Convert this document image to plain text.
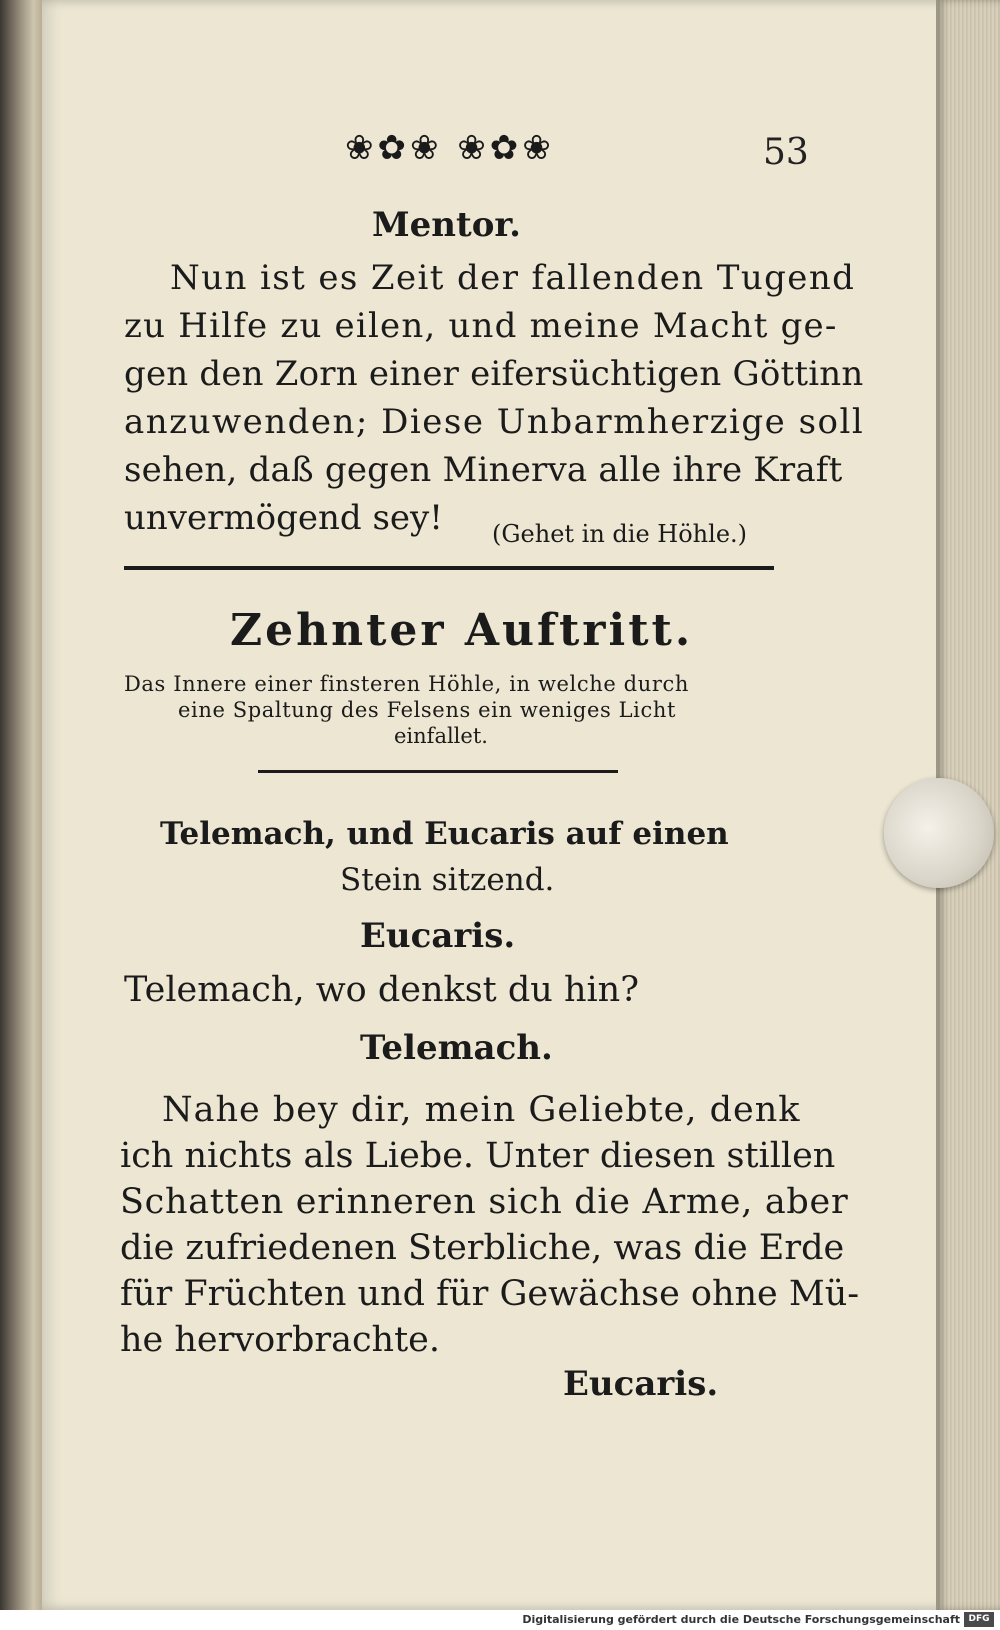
❀✿❀ ❀✿❀	53
Mentor.
Nun ist es Zeit der fallenden Tugend
zu Hilfe zu eilen, und meine Macht ge-
gen den Zorn einer eifersüchtigen Göttinn
anzuwenden; Diese Unbarmherzige soll
sehen, daß gegen Minerva alle ihre Kraft
unvermögend sey! (Gehet in die Höhle.)
Zehnter Auftritt.
Das Innere einer finsteren Höhle, in welche durch
eine Spaltung des Felsens ein weniges Licht
einfallet.
Telemach, und Eucaris auf einen
Stein sitzend.
Eucaris.
Telemach, wo denkst du hin?
Telemach.
Nahe bey dir, mein Geliebte, denk
ich nichts als Liebe. Unter diesen stillen
Schatten erinneren sich die Arme, aber
die zufriedenen Sterbliche, was die Erde
für Früchten und für Gewächse ohne Mü-
he hervorbrachte.
Eucaris.
Digitalisierung gefördert durch die Deutsche Forschungsgemeinschaft DFG
